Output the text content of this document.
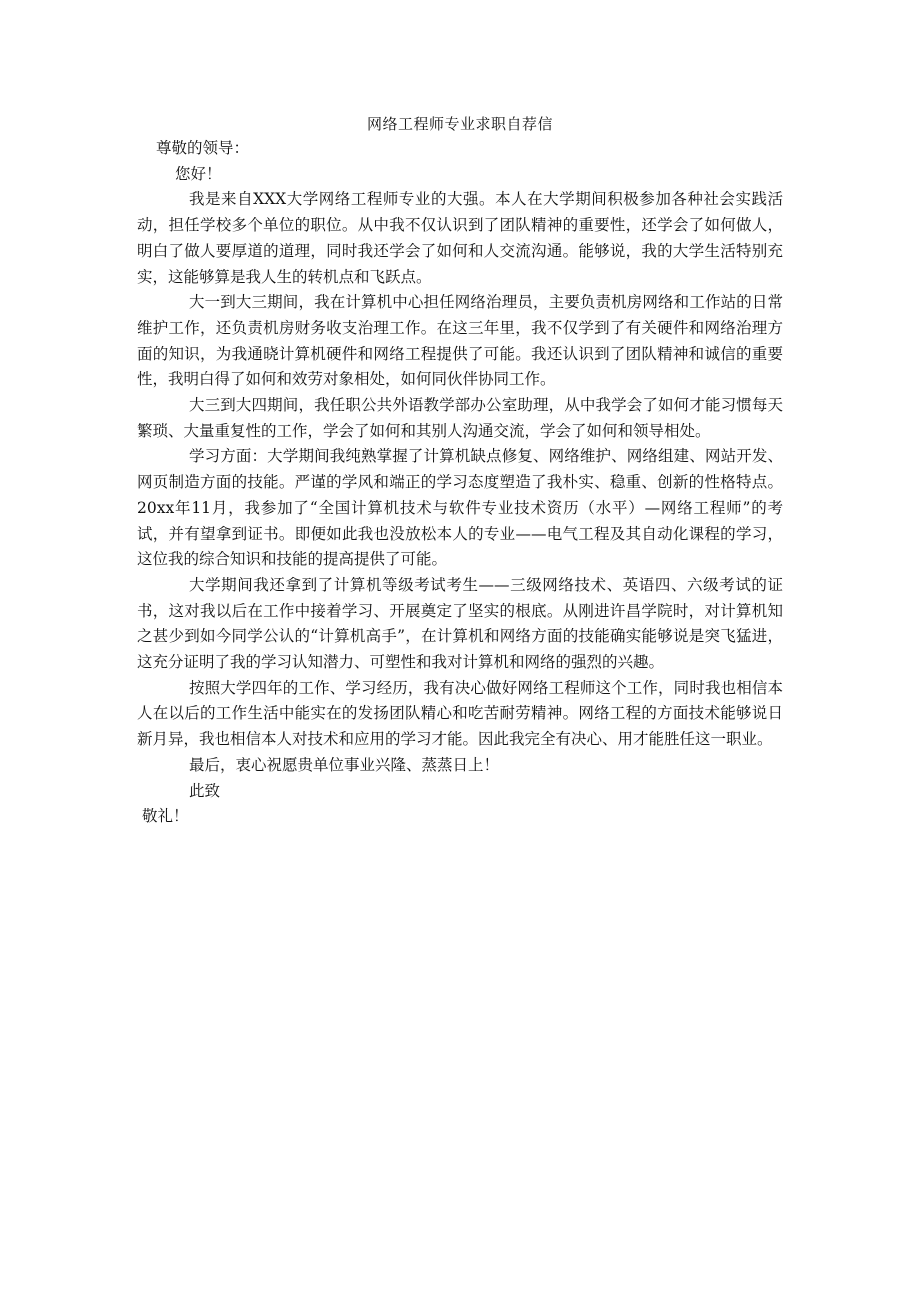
网络工程师专业求职自荐信

尊敬的领导：

您好！

我是来自XXX大学网络工程师专业的大强。本人在大学期间积极参加各种社会实践活动，担任学校多个单位的职位。从中我不仅认识到了团队精神的重要性，还学会了如何做人，明白了做人要厚道的道理，同时我还学会了如何和人交流沟通。能够说，我的大学生活特别充实，这能够算是我人生的转机点和飞跃点。

大一到大三期间，我在计算机中心担任网络治理员，主要负责机房网络和工作站的日常维护工作，还负责机房财务收支治理工作。在这三年里，我不仅学到了有关硬件和网络治理方面的知识，为我通晓计算机硬件和网络工程提供了可能。我还认识到了团队精神和诚信的重要性，我明白得了如何和效劳对象相处，如何同伙伴协同工作。

大三到大四期间，我任职公共外语教学部办公室助理，从中我学会了如何才能习惯每天繁琐、大量重复性的工作，学会了如何和其别人沟通交流，学会了如何和领导相处。

学习方面：大学期间我纯熟掌握了计算机缺点修复、网络维护、网络组建、网站开发、网页制造方面的技能。严谨的学风和端正的学习态度塑造了我朴实、稳重、创新的性格特点。20xx年11月，我参加了“全国计算机技术与软件专业技术资历（水平）—网络工程师”的考试，并有望拿到证书。即便如此我也没放松本人的专业——电气工程及其自动化课程的学习，这位我的综合知识和技能的提高提供了可能。

大学期间我还拿到了计算机等级考试考生——三级网络技术、英语四、六级考试的证书，这对我以后在工作中接着学习、开展奠定了坚实的根底。从刚进许昌学院时，对计算机知之甚少到如今同学公认的“计算机高手”，在计算机和网络方面的技能确实能够说是突飞猛进，这充分证明了我的学习认知潜力、可塑性和我对计算机和网络的强烈的兴趣。

按照大学四年的工作、学习经历，我有决心做好网络工程师这个工作，同时我也相信本人在以后的工作生活中能实在的发扬团队精心和吃苦耐劳精神。网络工程的方面技术能够说日新月异，我也相信本人对技术和应用的学习才能。因此我完全有决心、用才能胜任这一职业。

最后，衷心祝愿贵单位事业兴隆、蒸蒸日上！

此致

敬礼！
